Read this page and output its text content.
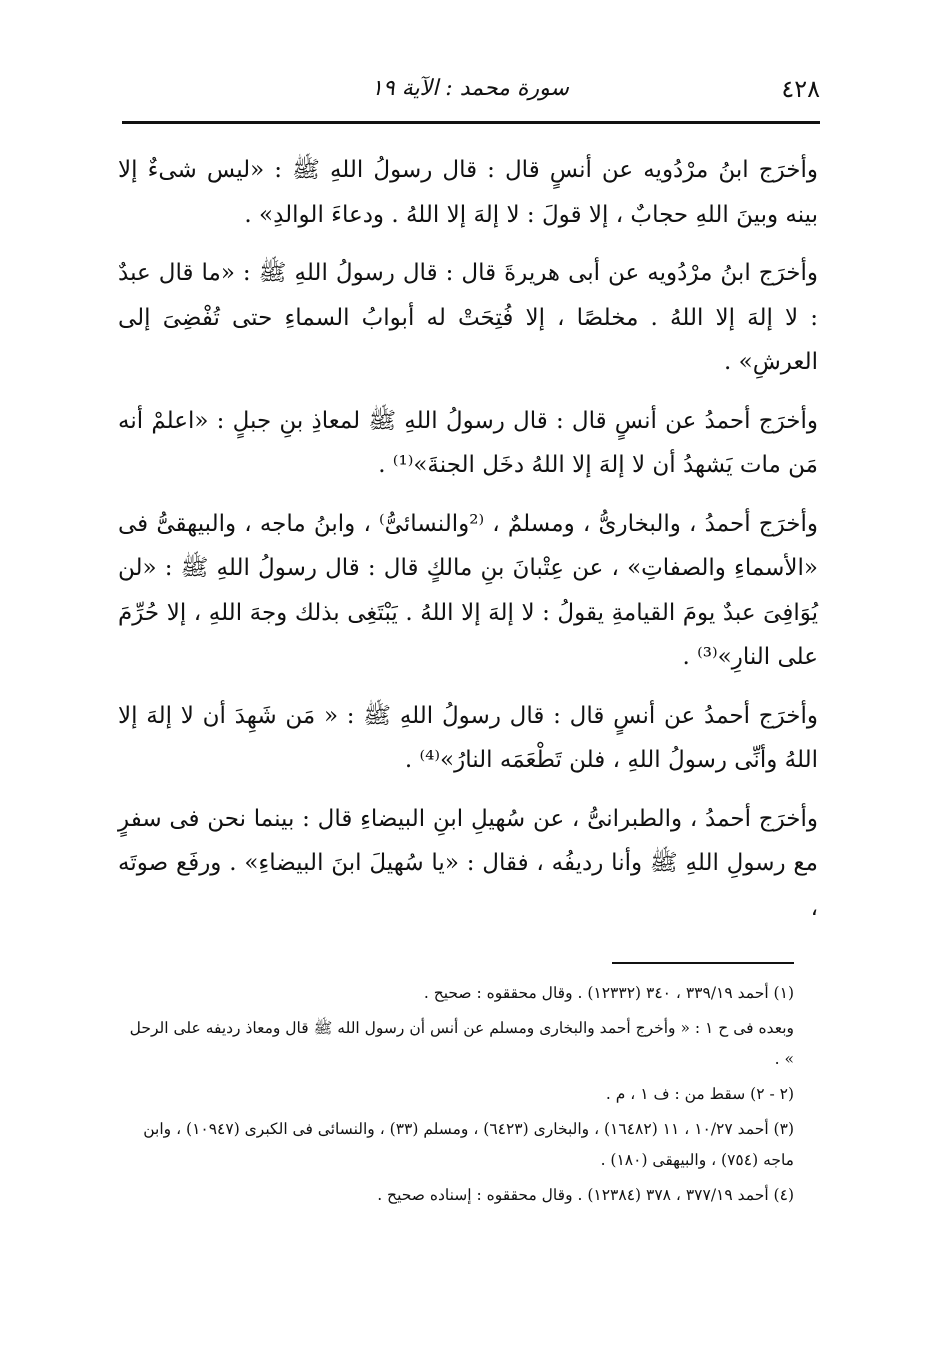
٤٢٨
سورة محمد : الآية ١٩

وأخرَج ابنُ مرْدُويه عن أنسٍ قال : قال رسولُ اللهِ ﷺ : «ليس شىءٌ إلا بينه وبينَ اللهِ حجابٌ ، إلا قولَ : لا إلهَ إلا اللهُ . ودعاءَ الوالدِ» .

وأخرَج ابنُ مرْدُويه عن أبى هريرةَ قال : قال رسولُ اللهِ ﷺ : «ما قال عبدٌ : لا إلهَ إلا اللهُ . مخلصًا ، إلا فُتِحَتْ له أبوابُ السماءِ حتى تُفْضِىَ إلى العرشِ» .

وأخرَج أحمدُ عن أنسٍ قال : قال رسولُ اللهِ ﷺ لمعاذِ بنِ جبلٍ : «اعلمْ أنه مَن مات يَشهدُ أن لا إلهَ إلا اللهُ دخَل الجنةَ»⁽¹⁾ .

وأخرَج أحمدُ ، والبخارىُّ ، ومسلمٌ ، ⁽²والنسائىُّ⁾ ، وابنُ ماجه ، والبيهقىُّ فى «الأسماءِ والصفاتِ» ، عن عِتْبانَ بنِ مالكٍ قال : قال رسولُ اللهِ ﷺ : «لن يُوَافِىَ عبدٌ يومَ القيامةِ يقولُ : لا إلهَ إلا اللهُ . يَبْتَغِى بذلك وجهَ اللهِ ، إلا حُرِّمَ على النارِ»⁽³⁾ .

وأخرَج أحمدُ عن أنسٍ قال : قال رسولُ اللهِ ﷺ : « مَن شَهِدَ أن لا إلهَ إلا اللهُ وأنِّى رسولُ اللهِ ، فلن تَطْعَمَه النارُ»⁽⁴⁾ .

وأخرَج أحمدُ ، والطبرانىُّ ، عن سُهيلِ ابنِ البيضاءِ قال : بينما نحن فى سفرٍ مع رسولِ اللهِ ﷺ وأنا رديفُه ، فقال : «يا سُهيلَ ابنَ البيضاءِ» . ورفَع صوتَه ،

(١) أحمد ٣٣٩/١٩ ، ٣٤٠ (١٢٣٣٢) . وقال محققوه : صحيح .

وبعده فى ح ١ : « وأخرج أحمد والبخارى ومسلم عن أنس أن رسول الله ﷺ قال ومعاذ رديفه على الرحل » .

(٢ - ٢) سقط من : ف ١ ، م .

(٣) أحمد ١٠/٢٧ ، ١١ (١٦٤٨٢) ، والبخارى (٦٤٢٣) ، ومسلم (٣٣) ، والنسائى فى الكبرى (١٠٩٤٧) ، وابن ماجه (٧٥٤) ، والبيهقى (١٨٠) .

(٤) أحمد ٣٧٧/١٩ ، ٣٧٨ (١٢٣٨٤) . وقال محققوه : إسناده صحيح .
